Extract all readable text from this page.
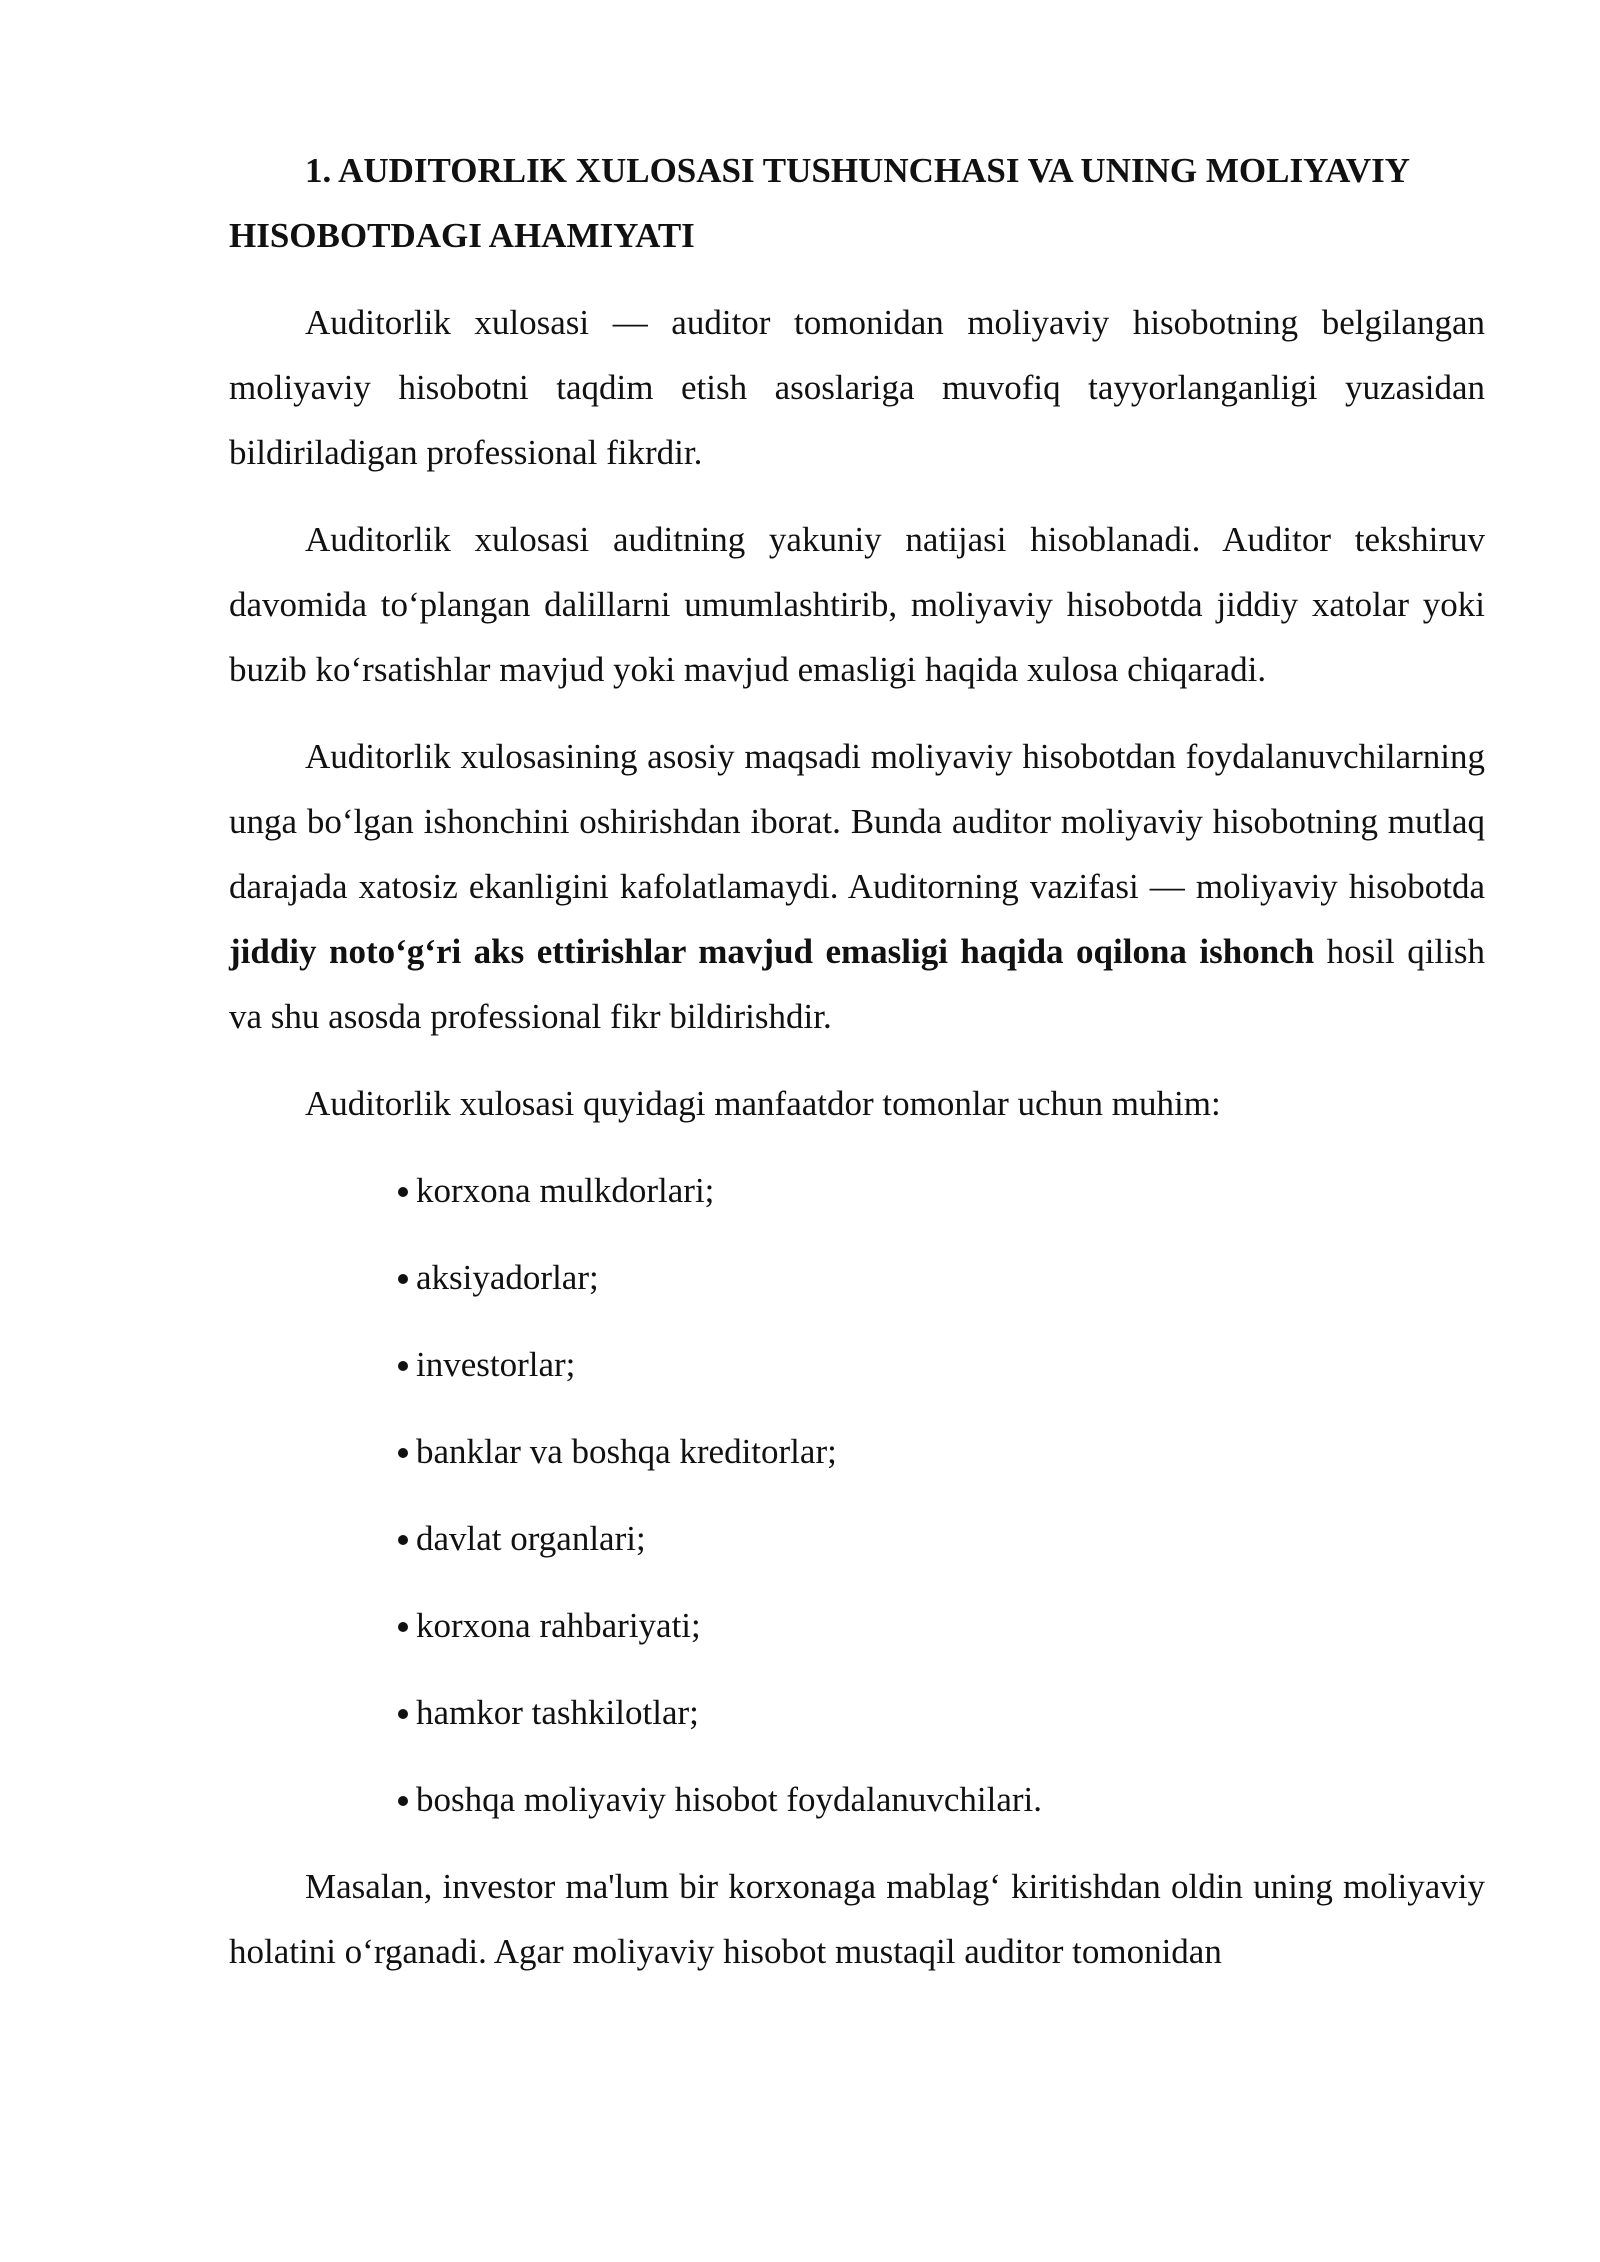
1. AUDITORLIK XULOSASI TUSHUNCHASI VA UNING MOLIYAVIY
HISOBOTDAGI AHAMIYATI

Auditorlik xulosasi — auditor tomonidan moliyaviy hisobotning belgilangan moliyaviy hisobotni taqdim etish asoslariga muvofiq tayyorlanganligi yuzasidan bildiriladigan professional fikrdir.

Auditorlik xulosasi auditning yakuniy natijasi hisoblanadi. Auditor tekshiruv davomida to‘plangan dalillarni umumlashtirib, moliyaviy hisobotda jiddiy xatolar yoki buzib ko‘rsatishlar mavjud yoki mavjud emasligi haqida xulosa chiqaradi.

Auditorlik xulosasining asosiy maqsadi moliyaviy hisobotdan foydalanuvchilarning unga bo‘lgan ishonchini oshirishdan iborat. Bunda auditor moliyaviy hisobotning mutlaq darajada xatosiz ekanligini kafolatlamaydi. Auditorning vazifasi — moliyaviy hisobotda jiddiy noto‘g‘ri aks ettirishlar mavjud emasligi haqida oqilona ishonch hosil qilish va shu asosda professional fikr bildirishdir.

Auditorlik xulosasi quyidagi manfaatdor tomonlar uchun muhim:

korxona mulkdorlari;
aksiyadorlar;
investorlar;
banklar va boshqa kreditorlar;
davlat organlari;
korxona rahbariyati;
hamkor tashkilotlar;
boshqa moliyaviy hisobot foydalanuvchilari.

Masalan, investor ma'lum bir korxonaga mablag‘ kiritishdan oldin uning moliyaviy holatini o‘rganadi. Agar moliyaviy hisobot mustaqil auditor tomonidan
